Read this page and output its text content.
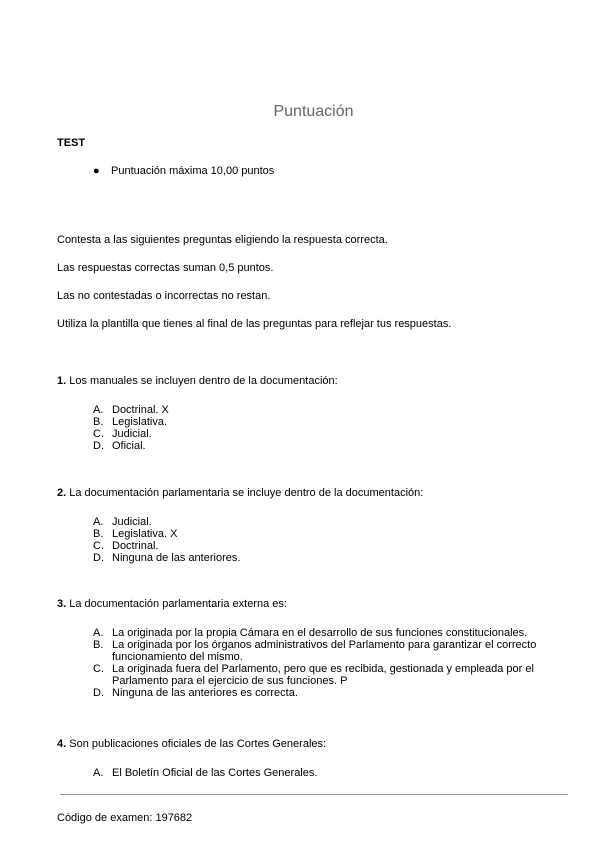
Puntuación
TEST
● Puntuación máxima 10,00 puntos

Contesta a las siguientes preguntas eligiendo la respuesta correcta.

Las respuestas correctas suman 0,5 puntos.

Las no contestadas o incorrectas no restan.

Utiliza la plantilla que tienes al final de las preguntas para reflejar tus respuestas.

1. Los manuales se incluyen dentro de la documentación:

A. Doctrinal. X
B. Legislativa.
C. Judicial.
D. Oficial.

2. La documentación parlamentaria se incluye dentro de la documentación:

A. Judicial.
B. Legislativa. X
C. Doctrinal.
D. Ninguna de las anteriores.

3. La documentación parlamentaria externa es:

A. La originada por la propia Cámara en el desarrollo de sus funciones constitucionales.
B. La originada por los órganos administrativos del Parlamento para garantizar el correcto funcionamiento del mismo.
C. La originada fuera del Parlamento, pero que es recibida, gestionada y empleada por el Parlamento para el ejercicio de sus funciones. P
D. Ninguna de las anteriores es correcta.

4. Son publicaciones oficiales de las Cortes Generales:

A. El Boletín Oficial de las Cortes Generales.
Código de examen: 197682
